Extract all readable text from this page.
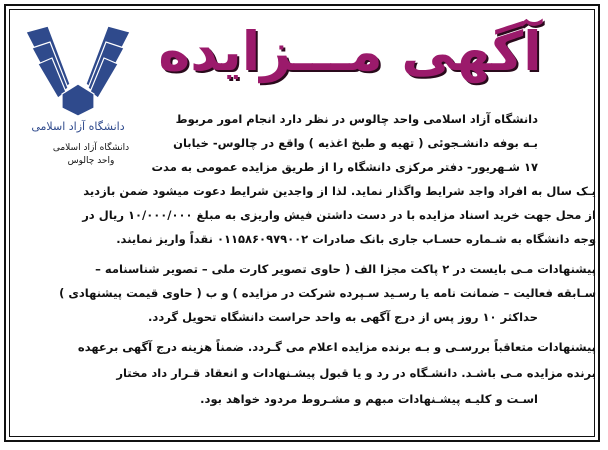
آگهی مـــزایده
دانشگاه آزاد اسلامی
دانشگاه آزاد اسلامی
واحد چالوس
دانشگاه آزاد اسلامی واحد چالوس در نظر دارد انجام امور مربوط
بـه بوفه دانشـجوئی ( تهیه و طبخ اغذیه ) واقع در چالوس- خیابان
۱۷ شـهریور- دفتر مرکزی دانشگاه را از طریق مزایده عمومی به مدت
یـک سال به افراد واجد شرایط واگذار نماید. لذا از واجدین شرایط دعوت میشود ضمن بازدید
از محل جهت خرید اسناد مزایده با در دست داشتن فیش واریزی به مبلغ ۱۰/۰۰۰/۰۰۰ ریال در
وجه دانشگاه به شـماره حسـاب جاری بانک صادرات ۰۱۱۵۸۶۰۹۷۹۰۰۲ نقداً واریز نمایند.
پیشنهادات مـی بایست در ۲ پاکت مجزا الف ( حاوی تصویر کارت ملی – تصویر شناسنامه –
سـابقه فعالیت – ضمانت نامه یا رسـید سـپرده شرکت در مزایده ) و ب ( حاوی قیمت پیشنهادی )
حداکثر ۱۰ روز پس از درج آگهی به واحد حراست دانشگاه تحویل گردد.
پیشنهادات متعاقباً بررسـی و بـه برنده مزایده اعلام می گـردد. ضمناً هزینه درج آگهی برعهده
برنده مزایده مـی باشـد. دانشـگاه در رد و یا قبول پیشـنهادات و انعقاد قـرار داد مختار
اسـت و کلیـه پیشـنهادات مبهم و مشـروط مردود خواهد بود.
